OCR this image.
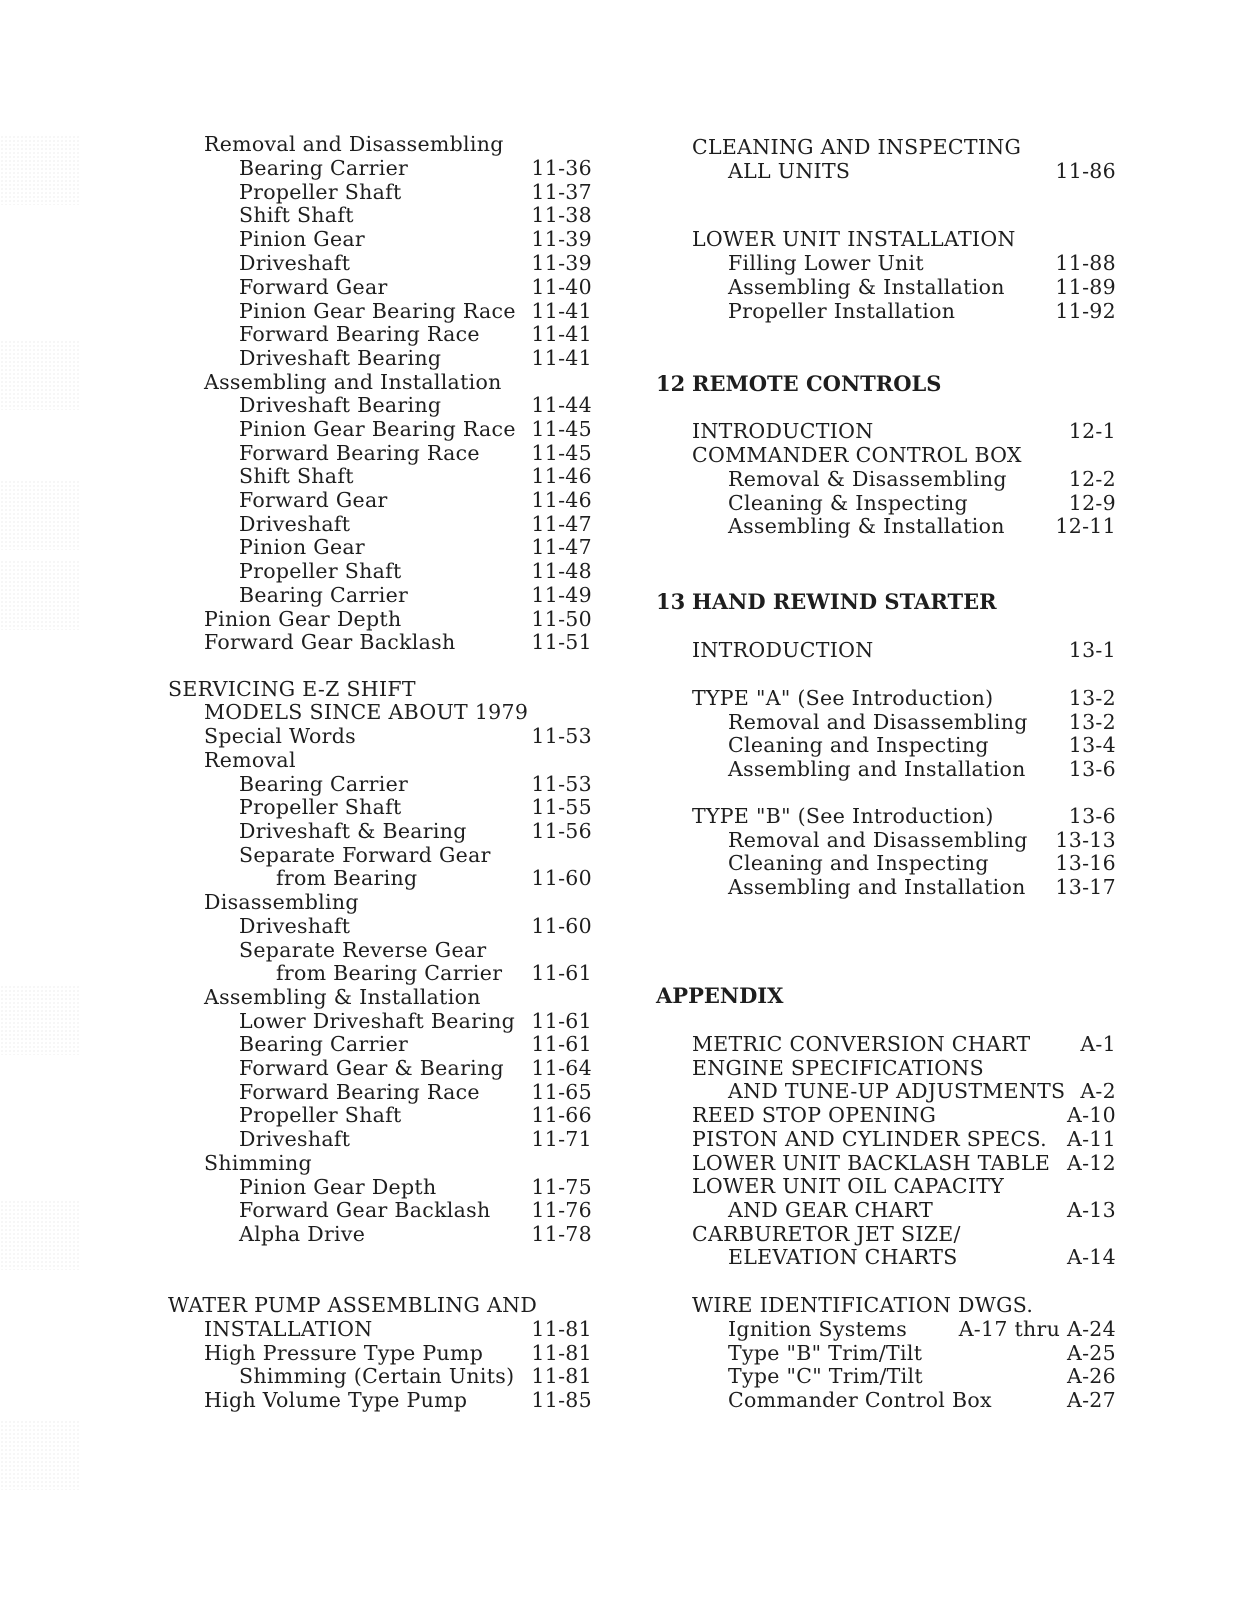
Removal and Disassembling
Bearing Carrier	11-36
Propeller Shaft	11-37
Shift Shaft	11-38
Pinion Gear	11-39
Driveshaft	11-39
Forward Gear	11-40
Pinion Gear Bearing Race 11-41
Forward Bearing Race	11-41
Driveshaft Bearing	11-41
Assembling and Installation
Driveshaft Bearing	11-44
Pinion Gear Bearing Race 11-45
Forward Bearing Race	11-45
Shift Shaft	11-46
Forward Gear	11-46
Driveshaft	11-47
Pinion Gear	11-47
Propeller Shaft	11-48
Bearing Carrier	11-49
Pinion Gear Depth	11-50
Forward Gear Backlash	11-51
SERVICING E-Z SHIFT
MODELS SINCE ABOUT 1979
Special Words	11-53
Removal
Bearing Carrier	11-53
Propeller Shaft	11-55
Driveshaft & Bearing	11-56
Separate Forward Gear
from Bearing	11-60
Disassembling
Driveshaft	11-60
Separate Reverse Gear
from Bearing Carrier 11-61
Assembling & Installation
Lower Driveshaft Bearing 11-61
Bearing Carrier	11-61
Forward Gear & Bearing 11-64
Forward Bearing Race	11-65
Propeller Shaft	11-66
Driveshaft	11-71
Shimming
Pinion Gear Depth	11-75
Forward Gear Backlash 11-76
Alpha Drive	11-78
WATER PUMP ASSEMBLING AND
INSTALLATION	11-81
High Pressure Type Pump 11-81
Shimming (Certain Units) 11-81
High Volume Type Pump	11-85
CLEANING AND INSPECTING
ALL UNITS	11-86
LOWER UNIT INSTALLATION
Filling Lower Unit	11-88
Assembling & Installation 11-89
Propeller Installation	11-92
12 REMOTE CONTROLS
INTRODUCTION	12-1
COMMANDER CONTROL BOX
Removal & Disassembling	12-2
Cleaning & Inspecting	12-9
Assembling & Installation 12-11
13 HAND REWIND STARTER
INTRODUCTION	13-1
TYPE "A" (See Introduction)	13-2
Removal and Disassembling 13-2
Cleaning and Inspecting	13-4
Assembling and Installation 13-6
TYPE "B" (See Introduction)	13-6
Removal and Disassembling 13-13
Cleaning and Inspecting	13-16
Assembling and Installation 13-17
APPENDIX
METRIC CONVERSION CHART A-1
ENGINE SPECIFICATIONS
AND TUNE-UP ADJUSTMENTS A-2
REED STOP OPENING	A-10
PISTON AND CYLINDER SPECS. A-11
LOWER UNIT BACKLASH TABLE A-12
LOWER UNIT OIL CAPACITY
AND GEAR CHART	A-13
CARBURETOR JET SIZE/
ELEVATION CHARTS	A-14
WIRE IDENTIFICATION DWGS.
Ignition Systems	A-17 thru A-24
Type "B" Trim/Tilt	A-25
Type "C" Trim/Tilt	A-26
Commander Control Box	A-27
